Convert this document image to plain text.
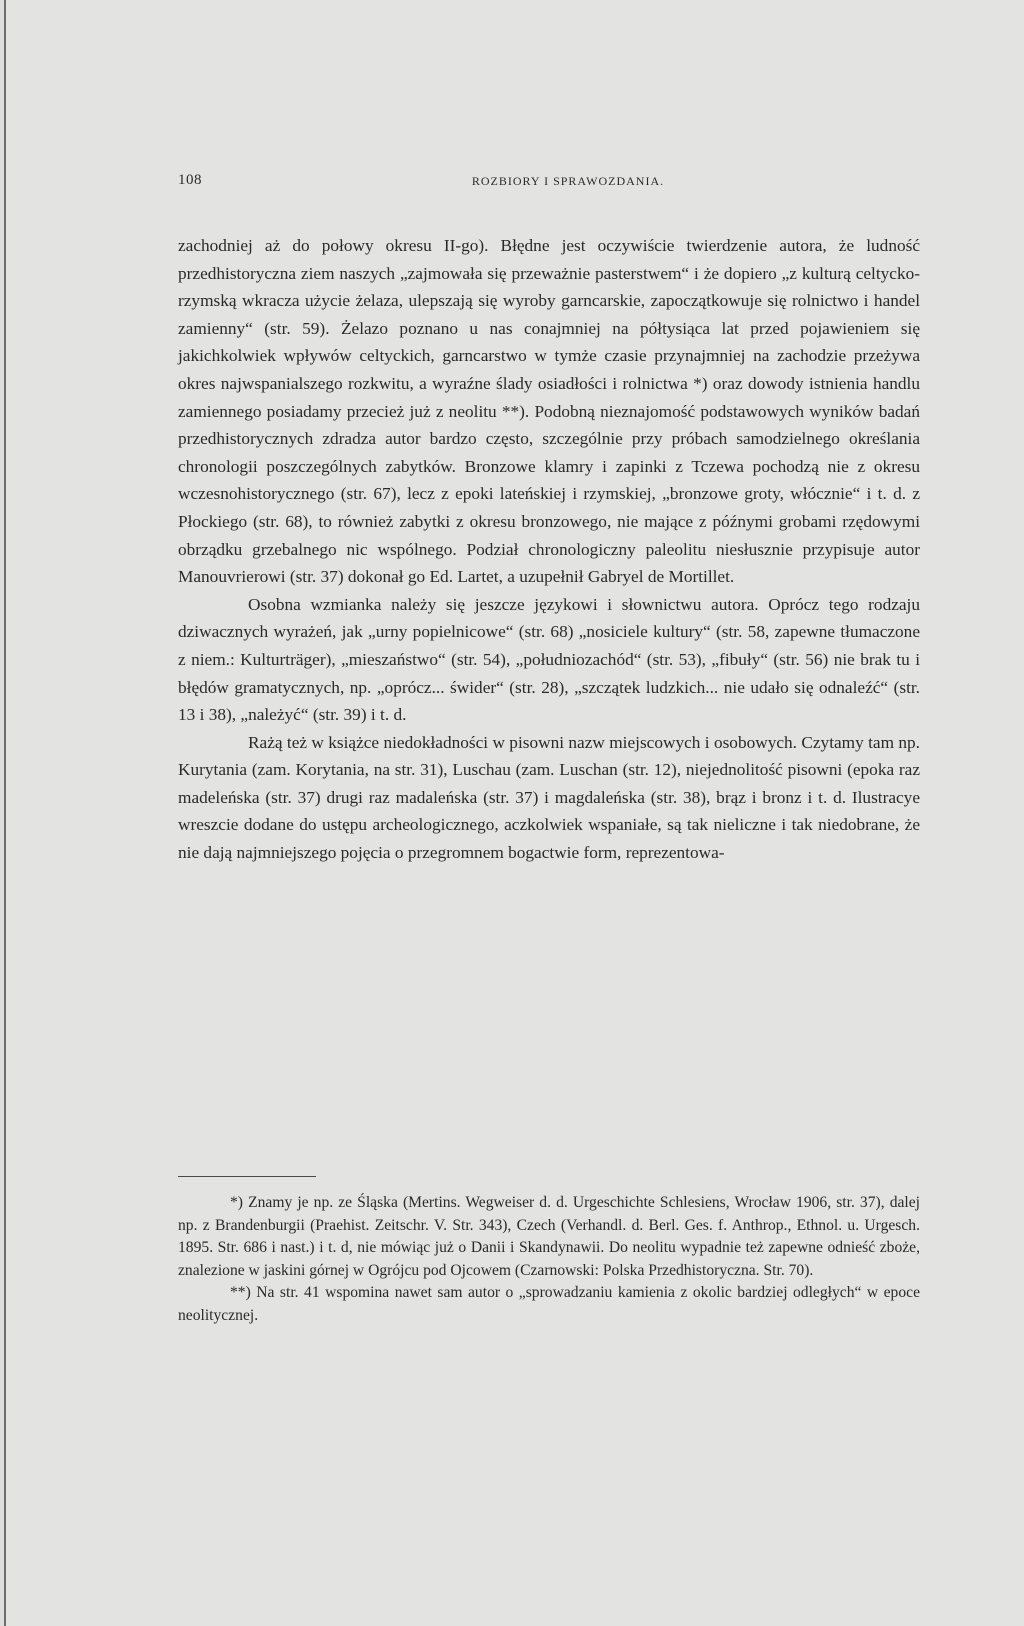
108	ROZBIORY I SPRAWOZDANIA.

zachodniej aż do połowy okresu II-go). Błędne jest oczywiście twierdzenie autora, że ludność przedhistoryczna ziem naszych „zajmowała się przeważnie pasterstwem“ i że dopiero „z kulturą celtycko-rzymską wkracza użycie żelaza, ulepszają się wyroby garncarskie, zapoczątkowuje się rolnictwo i handel zamienny“ (str. 59). Żelazo poznano u nas conajmniej na półtysiąca lat przed pojawieniem się jakichkolwiek wpływów celtyckich, garncarstwo w tymże czasie przynajmniej na zachodzie przeżywa okres najwspanialszego rozkwitu, a wyraźne ślady osiadłości i rolnictwa *) oraz dowody istnienia handlu zamiennego posiadamy przecież już z neolitu **). Podobną nieznajomość podstawowych wyników badań przedhistorycznych zdradza autor bardzo często, szczególnie przy próbach samodzielnego określania chronologii poszczególnych zabytków. Bronzowe klamry i zapinki z Tczewa pochodzą nie z okresu wczesnohistorycznego (str. 67), lecz z epoki lateńskiej i rzymskiej, „bronzowe groty, włócznie“ i t. d. z Płockiego (str. 68), to również zabytki z okresu bronzowego, nie mające z późnymi grobami rzędowymi obrządku grzebalnego nic wspólnego. Podział chronologiczny paleolitu niesłusznie przypisuje autor Manouvrierowi (str. 37) dokonał go Ed. Lartet, a uzupełnił Gabryel de Mortillet.

Osobna wzmianka należy się jeszcze językowi i słownictwu autora. Oprócz tego rodzaju dziwacznych wyrażeń, jak „urny popielnicowe“ (str. 68) „nosiciele kultury“ (str. 58, zapewne tłumaczone z niem.: Kulturträger), „mieszaństwo“ (str. 54), „południozachód“ (str. 53), „fibuły“ (str. 56) nie brak tu i błędów gramatycznych, np. „oprócz... świder“ (str. 28), „szczątek ludzkich... nie udało się odnaleźć“ (str. 13 i 38), „należyć“ (str. 39) i t. d.

Rażą też w książce niedokładności w pisowni nazw miejscowych i osobowych. Czytamy tam np. Kurytania (zam. Korytania, na str. 31), Luschau (zam. Luschan (str. 12), niejednolitość pisowni (epoka raz madeleńska (str. 37) drugi raz madaleńska (str. 37) i magdaleńska (str. 38), brąz i bronz i t. d. Ilustracye wreszcie dodane do ustępu archeologicznego, aczkolwiek wspaniałe, są tak nieliczne i tak niedobrane, że nie dają najmniejszego pojęcia o przegromnem bogactwie form, reprezentowa-

*) Znamy je np. ze Śląska (Mertins. Wegweiser d. d. Urgeschichte Schlesiens, Wrocław 1906, str. 37), dalej np. z Brandenburgii (Praehist. Zeitschr. V. Str. 343), Czech (Verhandl. d. Berl. Ges. f. Anthrop., Ethnol. u. Urgesch. 1895. Str. 686 i nast.) i t. d, nie mówiąc już o Danii i Skandynawii. Do neolitu wypadnie też zapewne odnieść zboże, znalezione w jaskini górnej w Ogrójcu pod Ojcowem (Czarnowski: Polska Przedhistoryczna. Str. 70).

**) Na str. 41 wspomina nawet sam autor o „sprowadzaniu kamienia z okolic bardziej odległych“ w epoce neolitycznej.
